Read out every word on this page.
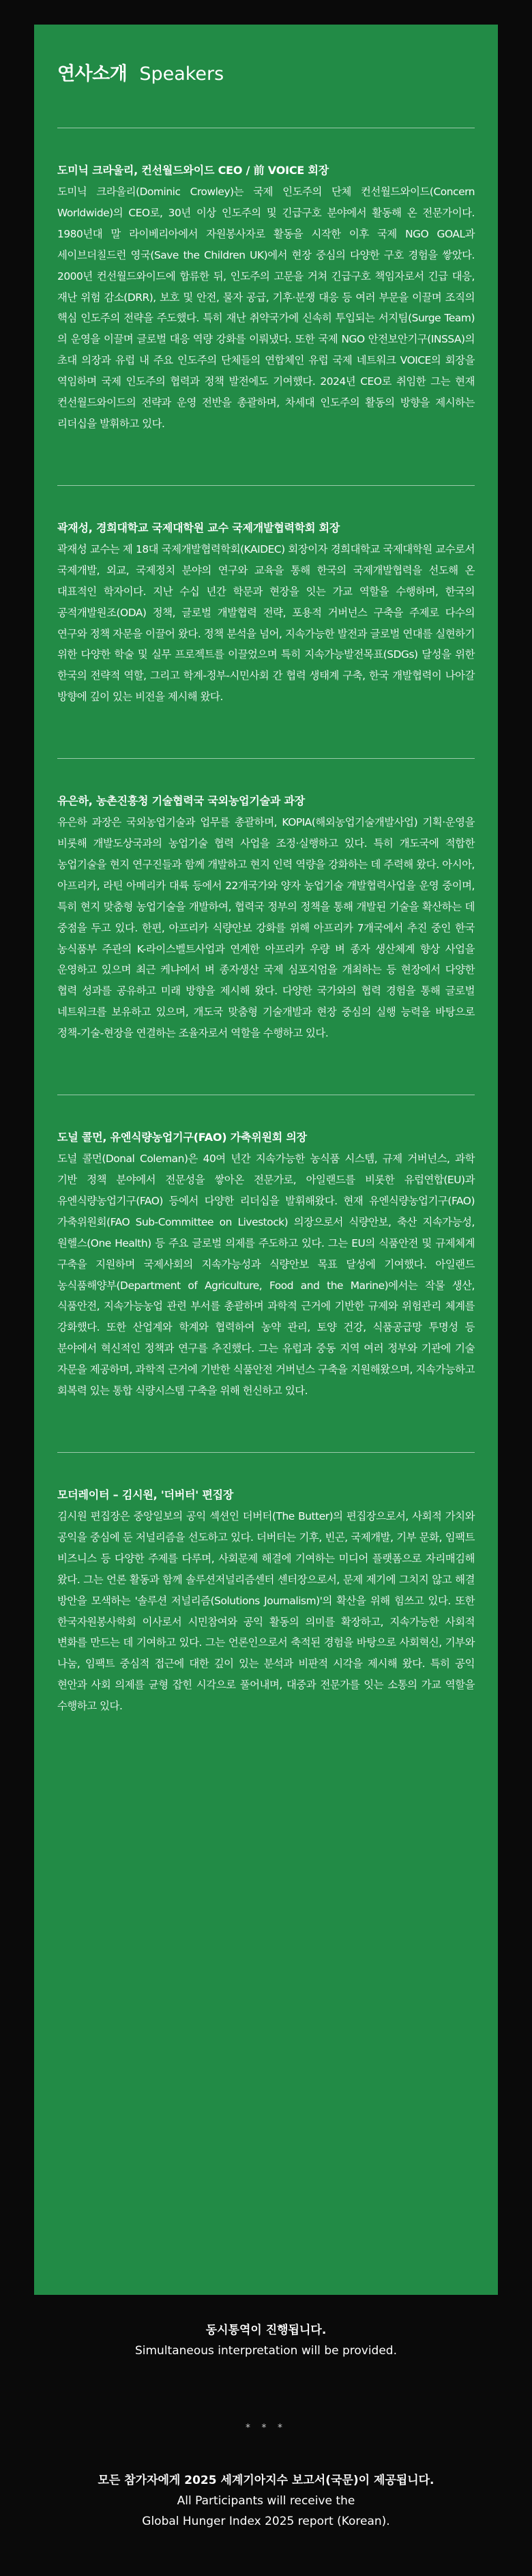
연사소개 Speakers

도미닉 크라울리, 컨선월드와이드 CEO / 前 VOICE 회장

도미닉 크라울리(Dominic Crowley)는 국제 인도주의 단체 컨선월드와이드(Concern Worldwide)의 CEO로, 30년 이상 인도주의 및 긴급구호 분야에서 활동해 온 전문가이다. 1980년대 말 라이베리아에서 자원봉사자로 활동을 시작한 이후 국제 NGO GOAL과 세이브더칠드런 영국(Save the Children UK)에서 현장 중심의 다양한 구호 경험을 쌓았다. 2000년 컨선월드와이드에 합류한 뒤, 인도주의 고문을 거쳐 긴급구호 책임자로서 긴급 대응, 재난 위험 감소(DRR), 보호 및 안전, 물자 공급, 기후·분쟁 대응 등 여러 부문을 이끌며 조직의 핵심 인도주의 전략을 주도했다. 특히 재난 취약국가에 신속히 투입되는 서지팀(Surge Team)의 운영을 이끌며 글로벌 대응 역량 강화를 이뤄냈다. 또한 국제 NGO 안전보안기구(INSSA)의 초대 의장과 유럽 내 주요 인도주의 단체들의 연합체인 유럽 국제 네트워크 VOICE의 회장을 역임하며 국제 인도주의 협력과 정책 발전에도 기여했다. 2024년 CEO로 취임한 그는 현재 컨선월드와이드의 전략과 운영 전반을 총괄하며, 차세대 인도주의 활동의 방향을 제시하는 리더십을 발휘하고 있다.

곽재성, 경희대학교 국제대학원 교수 국제개발협력학회 회장

곽재성 교수는 제 18대 국제개발협력학회(KAIDEC) 회장이자 경희대학교 국제대학원 교수로서 국제개발, 외교, 국제정치 분야의 연구와 교육을 통해 한국의 국제개발협력을 선도해 온 대표적인 학자이다. 지난 수십 년간 학문과 현장을 잇는 가교 역할을 수행하며, 한국의 공적개발원조(ODA) 정책, 글로벌 개발협력 전략, 포용적 거버넌스 구축을 주제로 다수의 연구와 정책 자문을 이끌어 왔다. 정책 분석을 넘어, 지속가능한 발전과 글로벌 연대를 실현하기 위한 다양한 학술 및 실무 프로젝트를 이끌었으며 특히 지속가능발전목표(SDGs) 달성을 위한 한국의 전략적 역할, 그리고 학계-정부-시민사회 간 협력 생태계 구축, 한국 개발협력이 나아갈 방향에 깊이 있는 비전을 제시해 왔다.

유은하, 농촌진흥청 기술협력국 국외농업기술과 과장

유은하 과장은 국외농업기술과 업무를 총괄하며, KOPIA(해외농업기술개발사업) 기획·운영을 비롯해 개발도상국과의 농업기술 협력 사업을 조정·실행하고 있다. 특히 개도국에 적합한 농업기술을 현지 연구진들과 함께 개발하고 현지 인력 역량을 강화하는 데 주력해 왔다. 아시아, 아프리카, 라틴 아메리카 대륙 등에서 22개국가와 양자 농업기술 개발협력사업을 운영 중이며, 특히 현지 맞춤형 농업기술을 개발하여, 협력국 정부의 정책을 통해 개발된 기술을 확산하는 데 중점을 두고 있다. 한편, 아프리카 식량안보 강화를 위해 아프리카 7개국에서 추진 중인 한국 농식품부 주관의 K-라이스벨트사업과 연계한 아프리카 우량 벼 종자 생산체계 향상 사업을 운영하고 있으며 최근 케냐에서 벼 종자생산 국제 심포지엄을 개최하는 등 현장에서 다양한 협력 성과를 공유하고 미래 방향을 제시해 왔다. 다양한 국가와의 협력 경험을 통해 글로벌 네트워크를 보유하고 있으며, 개도국 맞춤형 기술개발과 현장 중심의 실행 능력을 바탕으로 정책-기술-현장을 연결하는 조율자로서 역할을 수행하고 있다.

도널 콜먼, 유엔식량농업기구(FAO) 가축위원회 의장

도널 콜먼(Donal Coleman)은 40여 년간 지속가능한 농식품 시스템, 규제 거버넌스, 과학 기반 정책 분야에서 전문성을 쌓아온 전문가로, 아일랜드를 비롯한 유럽연합(EU)과 유엔식량농업기구(FAO) 등에서 다양한 리더십을 발휘해왔다. 현재 유엔식량농업기구(FAO) 가축위원회(FAO Sub-Committee on Livestock) 의장으로서 식량안보, 축산 지속가능성, 원헬스(One Health) 등 주요 글로벌 의제를 주도하고 있다. 그는 EU의 식품안전 및 규제체계 구축을 지원하며 국제사회의 지속가능성과 식량안보 목표 달성에 기여했다. 아일랜드 농식품해양부(Department of Agriculture, Food and the Marine)에서는 작물 생산, 식품안전, 지속가능농업 관련 부서를 총괄하며 과학적 근거에 기반한 규제와 위험관리 체계를 강화했다. 또한 산업계와 학계와 협력하여 농약 관리, 토양 건강, 식품공급망 투명성 등 분야에서 혁신적인 정책과 연구를 추진했다. 그는 유럽과 중동 지역 여러 정부와 기관에 기술 자문을 제공하며, 과학적 근거에 기반한 식품안전 거버넌스 구축을 지원해왔으며, 지속가능하고 회복력 있는 통합 식량시스템 구축을 위해 헌신하고 있다.

모더레이터 – 김시원, '더버터' 편집장

김시원 편집장은 중앙일보의 공익 섹션인 더버터(The Butter)의 편집장으로서, 사회적 가치와 공익을 중심에 둔 저널리즘을 선도하고 있다. 더버터는 기후, 빈곤, 국제개발, 기부 문화, 임팩트 비즈니스 등 다양한 주제를 다루며, 사회문제 해결에 기여하는 미디어 플랫폼으로 자리매김해 왔다. 그는 언론 활동과 함께 솔루션저널리즘센터 센터장으로서, 문제 제기에 그치지 않고 해결 방안을 모색하는 '솔루션 저널리즘(Solutions Journalism)'의 확산을 위해 힘쓰고 있다. 또한 한국자원봉사학회 이사로서 시민참여와 공익 활동의 의미를 확장하고, 지속가능한 사회적 변화를 만드는 데 기여하고 있다. 그는 언론인으로서 축적된 경험을 바탕으로 사회혁신, 기부와 나눔, 임팩트 중심적 접근에 대한 깊이 있는 분석과 비판적 시각을 제시해 왔다. 특히 공익 현안과 사회 의제를 균형 잡힌 시각으로 풀어내며, 대중과 전문가를 잇는 소통의 가교 역할을 수행하고 있다.

동시통역이 진행됩니다.
Simultaneous interpretation will be provided.
* * *
모든 참가자에게 2025 세계기아지수 보고서(국문)이 제공됩니다.
All Participants will receive the
Global Hunger Index 2025 report (Korean).
